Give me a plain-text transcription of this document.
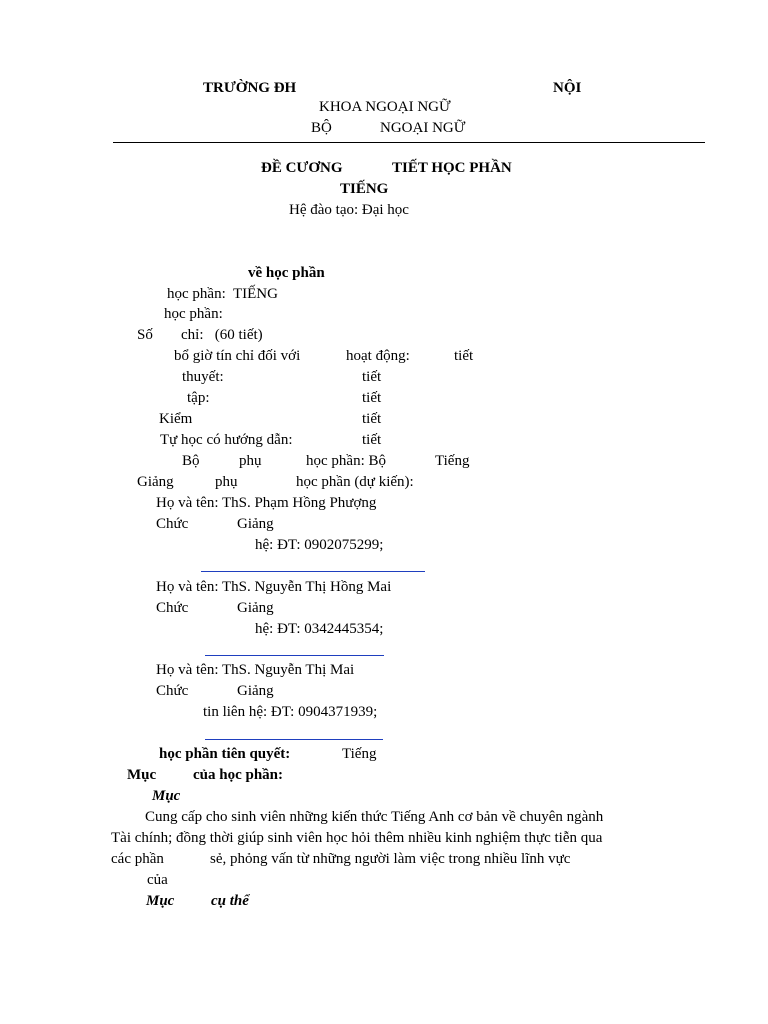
TRƯỜNG ĐH	NỘI
KHOA NGOẠI NGỮ
BỘ	NGOẠI NGỮ
ĐỀ CƯƠNG	TIẾT HỌC PHẦN
TIẾNG
Hệ đào tạo: Đại học
về học phần
học phần:  TIẾNG
học phần:
Số chỉ:   (60 tiết)
bổ giờ tín chỉ đối với	hoạt động:	tiết
thuyết:	tiết
tập:	tiết
Kiểm	tiết
Tự học có hướng dẫn:	tiết
Bộ	phụ	học phần: Bộ	Tiếng
Giảng	phụ	học phần (dự kiến):
Họ và tên: ThS. Phạm Hồng Phượng
Chức	Giảng
hệ: ĐT: 0902075299;
Họ và tên: ThS. Nguyễn Thị Hồng Mai
Chức	Giảng
hệ: ĐT: 0342445354;
Họ và tên: ThS. Nguyễn Thị Mai
Chức	Giảng
tin liên hệ: ĐT: 0904371939;
học phần tiên quyết:	Tiếng
Mục của học phần:
Mục
Cung cấp cho sinh viên những kiến thức Tiếng Anh cơ bản về chuyên ngành
Tài chính; đồng thời giúp sinh viên học hỏi thêm nhiều kinh nghiệm thực tiễn qua
các phần	sẻ, phỏng vấn từ những người làm việc trong nhiều lĩnh vực
của
Mục cụ thể
